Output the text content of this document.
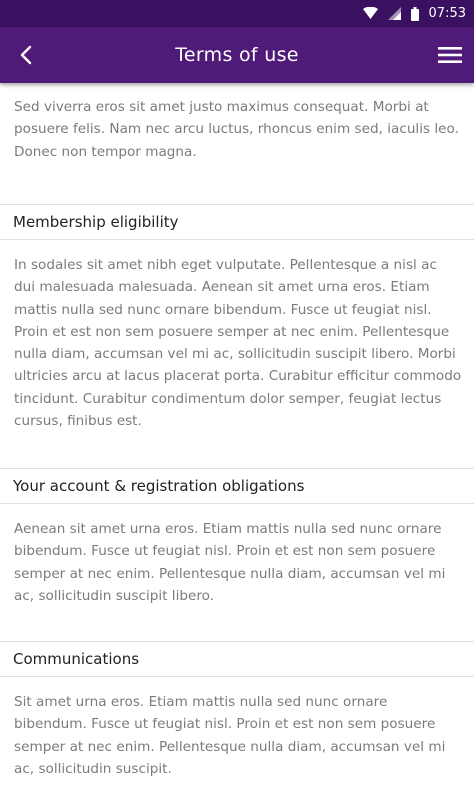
07:53
Terms of use
Sed viverra eros sit amet justo maximus consequat. Morbi at posuere felis. Nam nec arcu luctus, rhoncus enim sed, iaculis leo. Donec non tempor magna.
Membership eligibility
In sodales sit amet nibh eget vulputate. Pellentesque a nisl ac dui malesuada malesuada. Aenean sit amet urna eros. Etiam mattis nulla sed nunc ornare bibendum. Fusce ut feugiat nisl. Proin et est non sem posuere semper at nec enim. Pellentesque nulla diam, accumsan vel mi ac, sollicitudin suscipit libero. Morbi ultricies arcu at lacus placerat porta. Curabitur efficitur commodo tincidunt. Curabitur condimentum dolor semper, feugiat lectus cursus, finibus est.
Your account & registration obligations
Aenean sit amet urna eros. Etiam mattis nulla sed nunc ornare bibendum. Fusce ut feugiat nisl. Proin et est non sem posuere semper at nec enim. Pellentesque nulla diam, accumsan vel mi ac, sollicitudin suscipit libero.
Communications
Sit amet urna eros. Etiam mattis nulla sed nunc ornare bibendum. Fusce ut feugiat nisl. Proin et est non sem posuere semper at nec enim. Pellentesque nulla diam, accumsan vel mi ac, sollicitudin suscipit.
